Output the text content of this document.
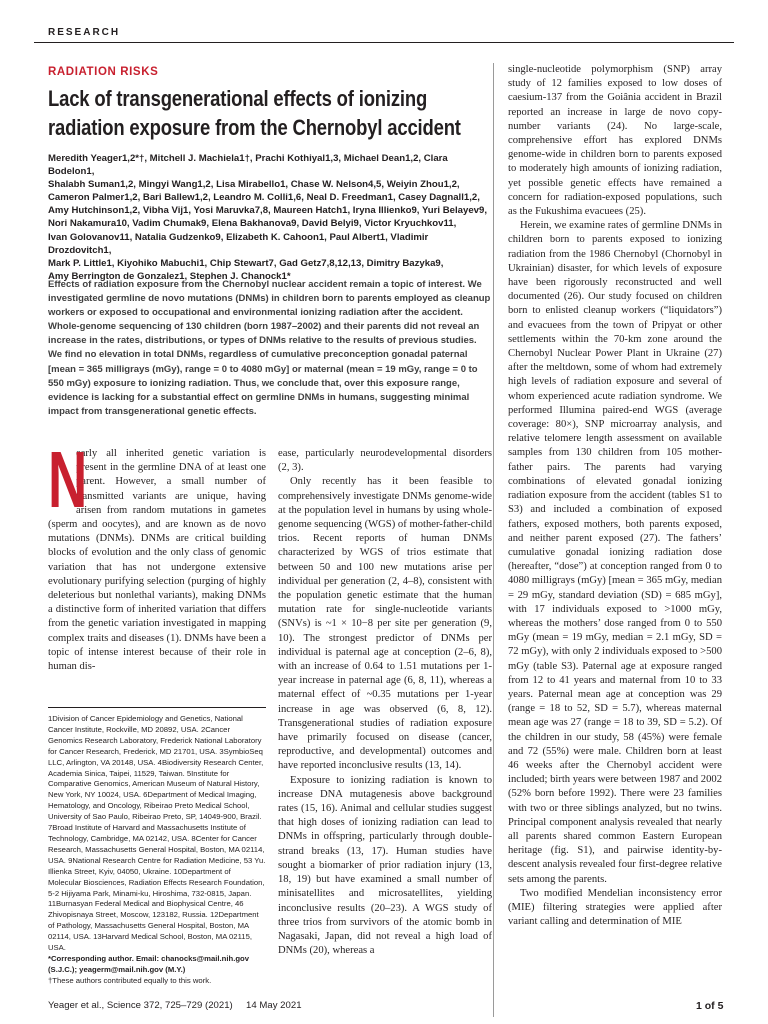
RESEARCH
RADIATION RISKS
Lack of transgenerational effects of ionizing
radiation exposure from the Chernobyl accident
Meredith Yeager1,2*†, Mitchell J. Machiela1†, Prachi Kothiyal1,3, Michael Dean1,2, Clara Bodelon1,
Shalabh Suman1,2, Mingyi Wang1,2, Lisa Mirabello1, Chase W. Nelson4,5, Weiyin Zhou1,2,
Cameron Palmer1,2, Bari Ballew1,2, Leandro M. Colli1,6, Neal D. Freedman1, Casey Dagnall1,2,
Amy Hutchinson1,2, Vibha Vij1, Yosi Maruvka7,8, Maureen Hatch1, Iryna Illienko9, Yuri Belayev9,
Nori Nakamura10, Vadim Chumak9, Elena Bakhanova9, David Belyi9, Victor Kryuchkov11,
Ivan Golovanov11, Natalia Gudzenko9, Elizabeth K. Cahoon1, Paul Albert1, Vladimir Drozdovitch1,
Mark P. Little1, Kiyohiko Mabuchi1, Chip Stewart7, Gad Getz7,8,12,13, Dimitry Bazyka9,
Amy Berrington de Gonzalez1, Stephen J. Chanock1*
Effects of radiation exposure from the Chernobyl nuclear accident remain a topic of interest. We investigated germline de novo mutations (DNMs) in children born to parents employed as cleanup workers or exposed to occupational and environmental ionizing radiation after the accident. Whole-genome sequencing of 130 children (born 1987–2002) and their parents did not reveal an increase in the rates, distributions, or types of DNMs relative to the results of previous studies. We find no elevation in total DNMs, regardless of cumulative preconception gonadal paternal [mean = 365 milligrays (mGy), range = 0 to 4080 mGy] or maternal (mean = 19 mGy, range = 0 to 550 mGy) exposure to ionizing radiation. Thus, we conclude that, over this exposure range, evidence is lacking for a substantial effect on germline DNMs in humans, suggesting minimal impact from transgenerational genetic effects.
N

early all inherited genetic variation is present in the germline DNA of at least one parent. However, a small number of transmitted variants are unique, having arisen from random mutations in gametes (sperm and oocytes), and are known as de novo mutations (DNMs). DNMs are critical building blocks of evolution and the only class of genomic variation that has not undergone extensive evolutionary purifying selection (purging of highly deleterious but nonlethal variants), making DNMs a distinctive form of inherited variation that differs from the genetic variation investigated in mapping complex traits and diseases (1). DNMs have been a topic of intense interest because of their role in human dis-

1Division of Cancer Epidemiology and Genetics, National Cancer Institute, Rockville, MD 20892, USA. 2Cancer Genomics Research Laboratory, Frederick National Laboratory for Cancer Research, Frederick, MD 21701, USA. 3SymbioSeq LLC, Arlington, VA 20148, USA. 4Biodiversity Research Center, Academia Sinica, Taipei, 11529, Taiwan. 5Institute for Comparative Genomics, American Museum of Natural History, New York, NY 10024, USA. 6Department of Medical Imaging, Hematology, and Oncology, Ribeirao Preto Medical School, University of Sao Paulo, Ribeirao Preto, SP, 14049-900, Brazil. 7Broad Institute of Harvard and Massachusetts Institute of Technology, Cambridge, MA 02142, USA. 8Center for Cancer Research, Massachusetts General Hospital, Boston, MA 02114, USA. 9National Research Centre for Radiation Medicine, 53 Yu. Illienka Street, Kyiv, 04050, Ukraine. 10Department of Molecular Biosciences, Radiation Effects Research Foundation, 5-2 Hijiyama Park, Minami-ku, Hiroshima, 732-0815, Japan. 11Burnasyan Federal Medical and Biophysical Centre, 46 Zhivopisnaya Street, Moscow, 123182, Russia. 12Department of Pathology, Massachusetts General Hospital, Boston, MA 02114, USA. 13Harvard Medical School, Boston, MA 02115, USA.
*Corresponding author. Email: chanocks@mail.nih.gov (S.J.C.); yeagerm@mail.nih.gov (M.Y.)
†These authors contributed equally to this work.

ease, particularly neurodevelopmental disorders (2, 3).

Only recently has it been feasible to comprehensively investigate DNMs genome-wide at the population level in humans by using whole-genome sequencing (WGS) of mother-father-child trios. Recent reports of human DNMs characterized by WGS of trios estimate that between 50 and 100 new mutations arise per individual per generation (2, 4–8), consistent with the population genetic estimate that the human mutation rate for single-nucleotide variants (SNVs) is ~1 × 10−8 per site per generation (9, 10). The strongest predictor of DNMs per individual is paternal age at conception (2–6, 8), with an increase of 0.64 to 1.51 mutations per 1-year increase in paternal age (6, 8, 11), whereas a maternal effect of ~0.35 mutations per 1-year increase in age was observed (6, 8, 12). Transgenerational studies of radiation exposure have primarily focused on disease (cancer, reproductive, and developmental) outcomes and have reported inconclusive results (13, 14).

Exposure to ionizing radiation is known to increase DNA mutagenesis above background rates (15, 16). Animal and cellular studies suggest that high doses of ionizing radiation can lead to DNMs in offspring, particularly through double-strand breaks (13, 17). Human studies have sought a biomarker of prior radiation injury (13, 18, 19) but have examined a small number of minisatellites and microsatellites, yielding inconclusive results (20–23). A WGS study of three trios from survivors of the atomic bomb in Nagasaki, Japan, did not reveal a high load of DNMs (20), whereas a

single-nucleotide polymorphism (SNP) array study of 12 families exposed to low doses of caesium-137 from the Goiânia accident in Brazil reported an increase in large de novo copy-number variants (24). No large-scale, comprehensive effort has explored DNMs genome-wide in children born to parents exposed to moderately high amounts of ionizing radiation, yet possible genetic effects have remained a concern for radiation-exposed populations, such as the Fukushima evacuees (25).

Herein, we examine rates of germline DNMs in children born to parents exposed to ionizing radiation from the 1986 Chernobyl (Chornobyl in Ukrainian) disaster, for which levels of exposure have been rigorously reconstructed and well documented (26). Our study focused on children born to enlisted cleanup workers (“liquidators”) and evacuees from the town of Pripyat or other settlements within the 70-km zone around the Chernobyl Nuclear Power Plant in Ukraine (27) after the meltdown, some of whom had extremely high levels of radiation exposure and several of whom experienced acute radiation syndrome. We performed Illumina paired-end WGS (average coverage: 80×), SNP microarray analysis, and relative telomere length assessment on available samples from 130 children from 105 mother-father pairs. The parents had varying combinations of elevated gonadal ionizing radiation exposure from the accident (tables S1 to S3) and included a combination of exposed fathers, exposed mothers, both parents exposed, and neither parent exposed (27). The fathers’ cumulative gonadal ionizing radiation dose (hereafter, “dose”) at conception ranged from 0 to 4080 milligrays (mGy) [mean = 365 mGy, median = 29 mGy, standard deviation (SD) = 685 mGy], with 17 individuals exposed to >1000 mGy, whereas the mothers’ dose ranged from 0 to 550 mGy (mean = 19 mGy, median = 2.1 mGy, SD = 72 mGy), with only 2 individuals exposed to >500 mGy (table S3). Paternal age at exposure ranged from 12 to 41 years and maternal from 10 to 33 years. Paternal mean age at conception was 29 (range = 18 to 52, SD = 5.7), whereas maternal mean age was 27 (range = 18 to 39, SD = 5.2). Of the children in our study, 58 (45%) were female and 72 (55%) were male. Children born at least 46 weeks after the Chernobyl accident were included; birth years were between 1987 and 2002 (52% born before 1992). There were 23 families with two or three siblings analyzed, but no twins. Principal component analysis revealed that nearly all parents shared common Eastern European heritage (fig. S1), and pairwise identity-by-descent analysis revealed four first-degree relative sets among the parents.

Two modified Mendelian inconsistency error (MIE) filtering strategies were applied after variant calling and determination of MIE

Yeager et al., Science 372, 725–729 (2021)     14 May 2021	1 of 5
